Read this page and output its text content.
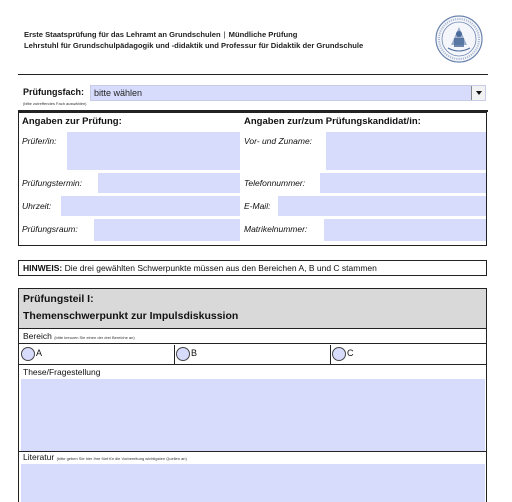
Erste Staatsprüfung für das Lehramt an Grundschulen | Mündliche Prüfung
Lehrstuhl für Grundschulpädagogik und -didaktik und Professur für Didaktik der Grundschule
Prüfungsfach:
(bitte zutreffendes Fach auswählen)
bitte wählen
Angaben zur Prüfung:	Angaben zur/zum Prüfungskandidat/in:
Prüfer/in:
Prüfungstermin:
Uhrzeit:
Prüfungsraum:
Vor- und Zuname:
Telefonnummer:
E-Mail:
Matrikelnummer:
HINWEIS: Die drei gewählten Schwerpunkte müssen aus den Bereichen A, B und C stammen
Prüfungsteil I:
Themenschwerpunkt zur Impulsdiskussion
Bereich (bitte kreuzen Sie einen der drei Bereiche an)
A	B	C
These/Fragestellung
Literatur (bitte geben Sie hier Ihre fünf für die Vorbereitung wichtigsten Quellen an)
